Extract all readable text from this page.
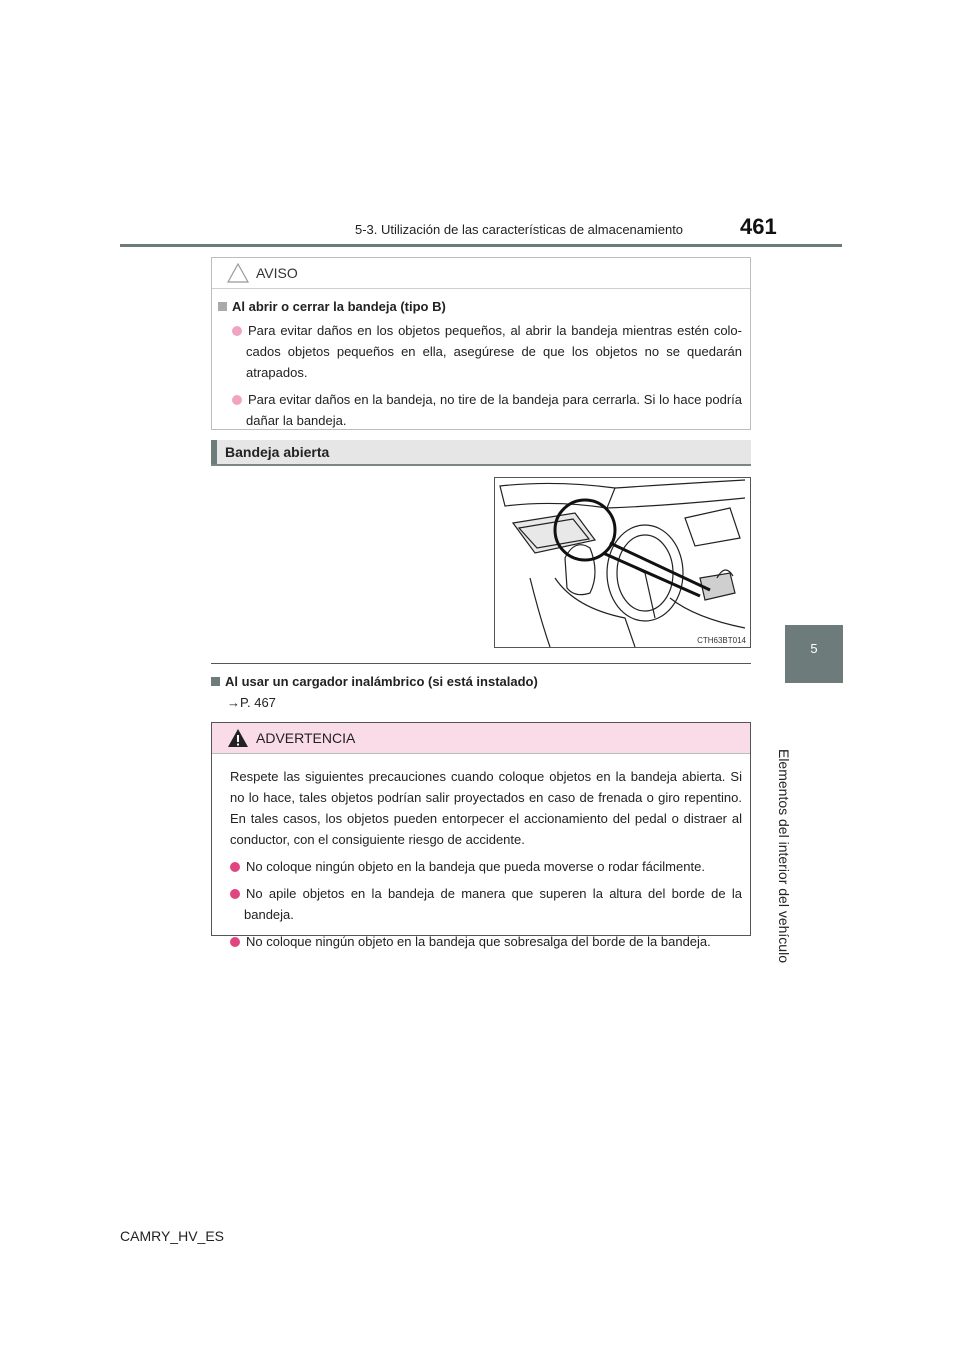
5-3. Utilización de las características de almacenamiento	461
5
Elementos del interior del vehículo
AVISO
Al abrir o cerrar la bandeja (tipo B)
Para evitar daños en los objetos pequeños, al abrir la bandeja mientras estén colo-cados objetos pequeños en ella, asegúrese de que los objetos no se quedarán atrapados.
Para evitar daños en la bandeja, no tire de la bandeja para cerrarla. Si lo hace podría dañar la bandeja.
Bandeja abierta
CTH63BT014
Al usar un cargador inalámbrico (si está instalado)
→P. 467
ADVERTENCIA
Respete las siguientes precauciones cuando coloque objetos en la bandeja abierta. Si no lo hace, tales objetos podrían salir proyectados en caso de frenada o giro repentino. En tales casos, los objetos pueden entorpecer el accionamiento del pedal o distraer al conductor, con el consiguiente riesgo de accidente.
No coloque ningún objeto en la bandeja que pueda moverse o rodar fácilmente.
No apile objetos en la bandeja de manera que superen la altura del borde de la bandeja.
No coloque ningún objeto en la bandeja que sobresalga del borde de la bandeja.
CAMRY_HV_ES
